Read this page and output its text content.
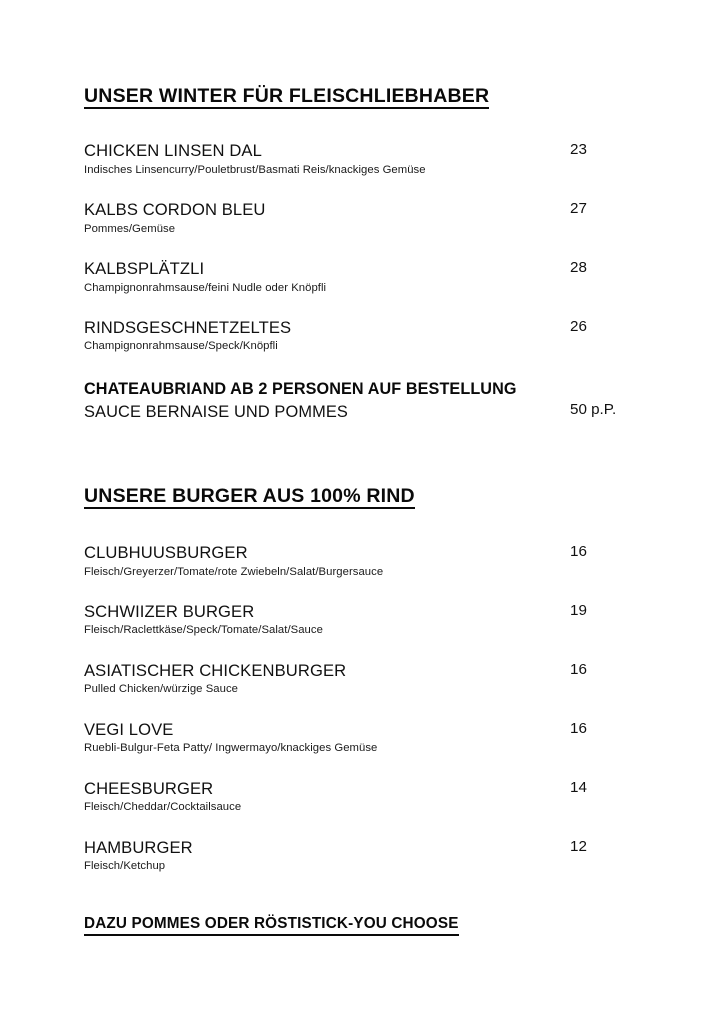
UNSER WINTER FÜR FLEISCHLIEBHABER
CHICKEN LINSEN DAL
Indisches Linsencurry/Pouletbrust/Basmati Reis/knackiges Gemüse
23
KALBS CORDON BLEU
Pommes/Gemüse
27
KALBSPLÄTZLI
Champignonrahmsause/feini Nudle oder Knöpfli
28
RINDSGESCHNETZELTES
Champignonrahmsause/Speck/Knöpfli
26
CHATEAUBRIAND AB 2 PERSONEN AUF BESTELLUNG
SAUCE BERNAISE UND POMMES	50 p.P.
UNSERE BURGER AUS 100% RIND
CLUBHUUSBURGER
Fleisch/Greyerzer/Tomate/rote Zwiebeln/Salat/Burgersauce
16
SCHWIIZER BURGER
Fleisch/Raclettkäse/Speck/Tomate/Salat/Sauce
19
ASIATISCHER CHICKENBURGER
Pulled Chicken/würzige Sauce
16
VEGI LOVE
Ruebli-Bulgur-Feta Patty/ Ingwermayo/knackiges Gemüse
16
CHEESBURGER
Fleisch/Cheddar/Cocktailsauce
14
HAMBURGER
Fleisch/Ketchup
12
DAZU POMMES ODER RÖSTISTICK-YOU CHOOSE
